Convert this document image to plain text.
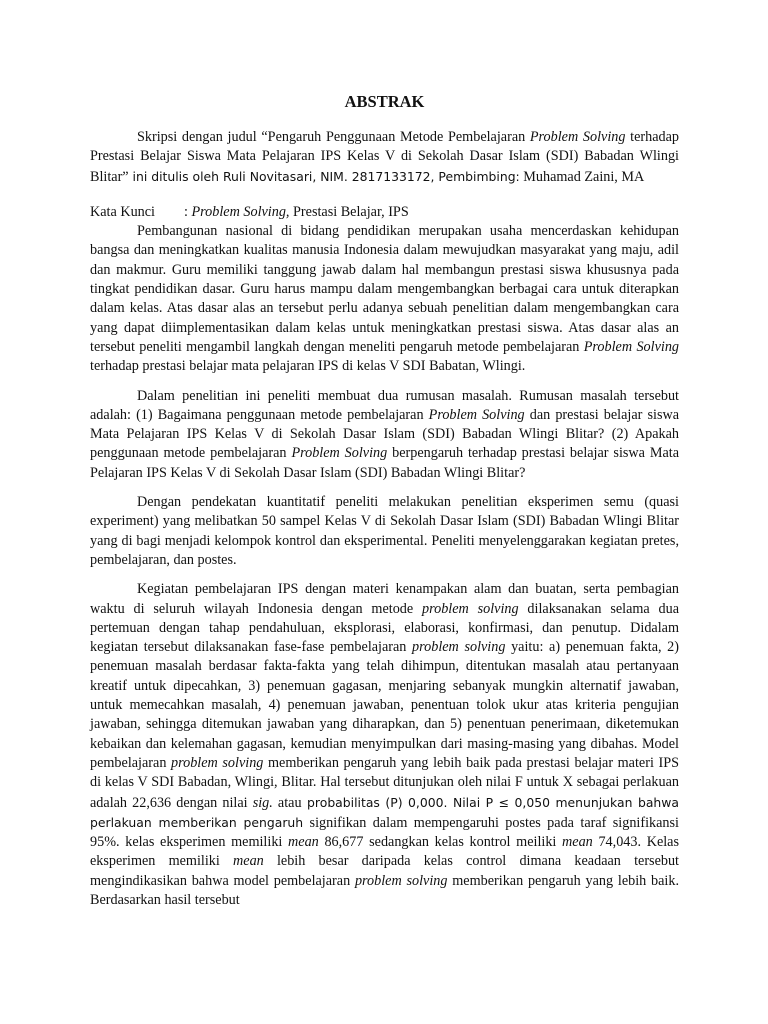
ABSTRAK

Skripsi dengan judul “Pengaruh Penggunaan Metode Pembelajaran Problem Solving terhadap Prestasi Belajar Siswa Mata Pelajaran IPS Kelas V di Sekolah Dasar Islam (SDI) Babadan Wlingi Blitar” ini ditulis oleh Ruli Novitasari, NIM. 2817133172, Pembimbing: Muhamad Zaini, MA

Kata Kunci : Problem Solving, Prestasi Belajar, IPS

Pembangunan nasional di bidang pendidikan merupakan usaha mencerdaskan kehidupan bangsa dan meningkatkan kualitas manusia Indonesia dalam mewujudkan masyarakat yang maju, adil dan makmur. Guru memiliki tanggung jawab dalam hal membangun prestasi siswa khususnya pada tingkat pendidikan dasar. Guru harus mampu dalam mengembangkan berbagai cara untuk diterapkan dalam kelas. Atas dasar alas an tersebut perlu adanya sebuah penelitian dalam mengembangkan cara yang dapat diimplementasikan dalam kelas untuk meningkatkan prestasi siswa. Atas dasar alas an tersebut peneliti mengambil langkah dengan meneliti pengaruh metode pembelajaran Problem Solving terhadap prestasi belajar mata pelajaran IPS di kelas V SDI Babatan, Wlingi.

Dalam penelitian ini peneliti membuat dua rumusan masalah. Rumusan masalah tersebut adalah: (1) Bagaimana penggunaan metode pembelajaran Problem Solving dan prestasi belajar siswa Mata Pelajaran IPS Kelas V di Sekolah Dasar Islam (SDI) Babadan Wlingi Blitar? (2) Apakah penggunaan metode pembelajaran Problem Solving berpengaruh terhadap prestasi belajar siswa Mata Pelajaran IPS Kelas V di Sekolah Dasar Islam (SDI) Babadan Wlingi Blitar?

Dengan pendekatan kuantitatif peneliti melakukan penelitian eksperimen semu (quasi experiment) yang melibatkan 50 sampel Kelas V di Sekolah Dasar Islam (SDI) Babadan Wlingi Blitar yang di bagi menjadi kelompok kontrol dan eksperimental. Peneliti menyelenggarakan kegiatan pretes, pembelajaran, dan postes.

Kegiatan pembelajaran IPS dengan materi kenampakan alam dan buatan, serta pembagian waktu di seluruh wilayah Indonesia dengan metode problem solving dilaksanakan selama dua pertemuan dengan tahap pendahuluan, eksplorasi, elaborasi, konfirmasi, dan penutup. Didalam kegiatan tersebut dilaksanakan fase-fase pembelajaran problem solving yaitu: a) penemuan fakta, 2) penemuan masalah berdasar fakta-fakta yang telah dihimpun, ditentukan masalah atau pertanyaan kreatif untuk dipecahkan, 3) penemuan gagasan, menjaring sebanyak mungkin alternatif jawaban, untuk memecahkan masalah, 4) penemuan jawaban, penentuan tolok ukur atas kriteria pengujian jawaban, sehingga ditemukan jawaban yang diharapkan, dan 5) penentuan penerimaan, diketemukan kebaikan dan kelemahan gagasan, kemudian menyimpulkan dari masing-masing yang dibahas. Model pembelajaran problem solving memberikan pengaruh yang lebih baik pada prestasi belajar materi IPS di kelas V SDI Babadan, Wlingi, Blitar. Hal tersebut ditunjukan oleh nilai F untuk X sebagai perlakuan adalah 22,636 dengan nilai sig. atau probabilitas (P) 0,000. Nilai P ≤ 0,050 menunjukan bahwa perlakuan memberikan pengaruh signifikan dalam mempengaruhi postes pada taraf signifikansi 95%. kelas eksperimen memiliki mean 86,677 sedangkan kelas kontrol meiliki mean 74,043. Kelas eksperimen memiliki mean lebih besar daripada kelas control dimana keadaan tersebut mengindikasikan bahwa model pembelajaran problem solving memberikan pengaruh yang lebih baik. Berdasarkan hasil tersebut
